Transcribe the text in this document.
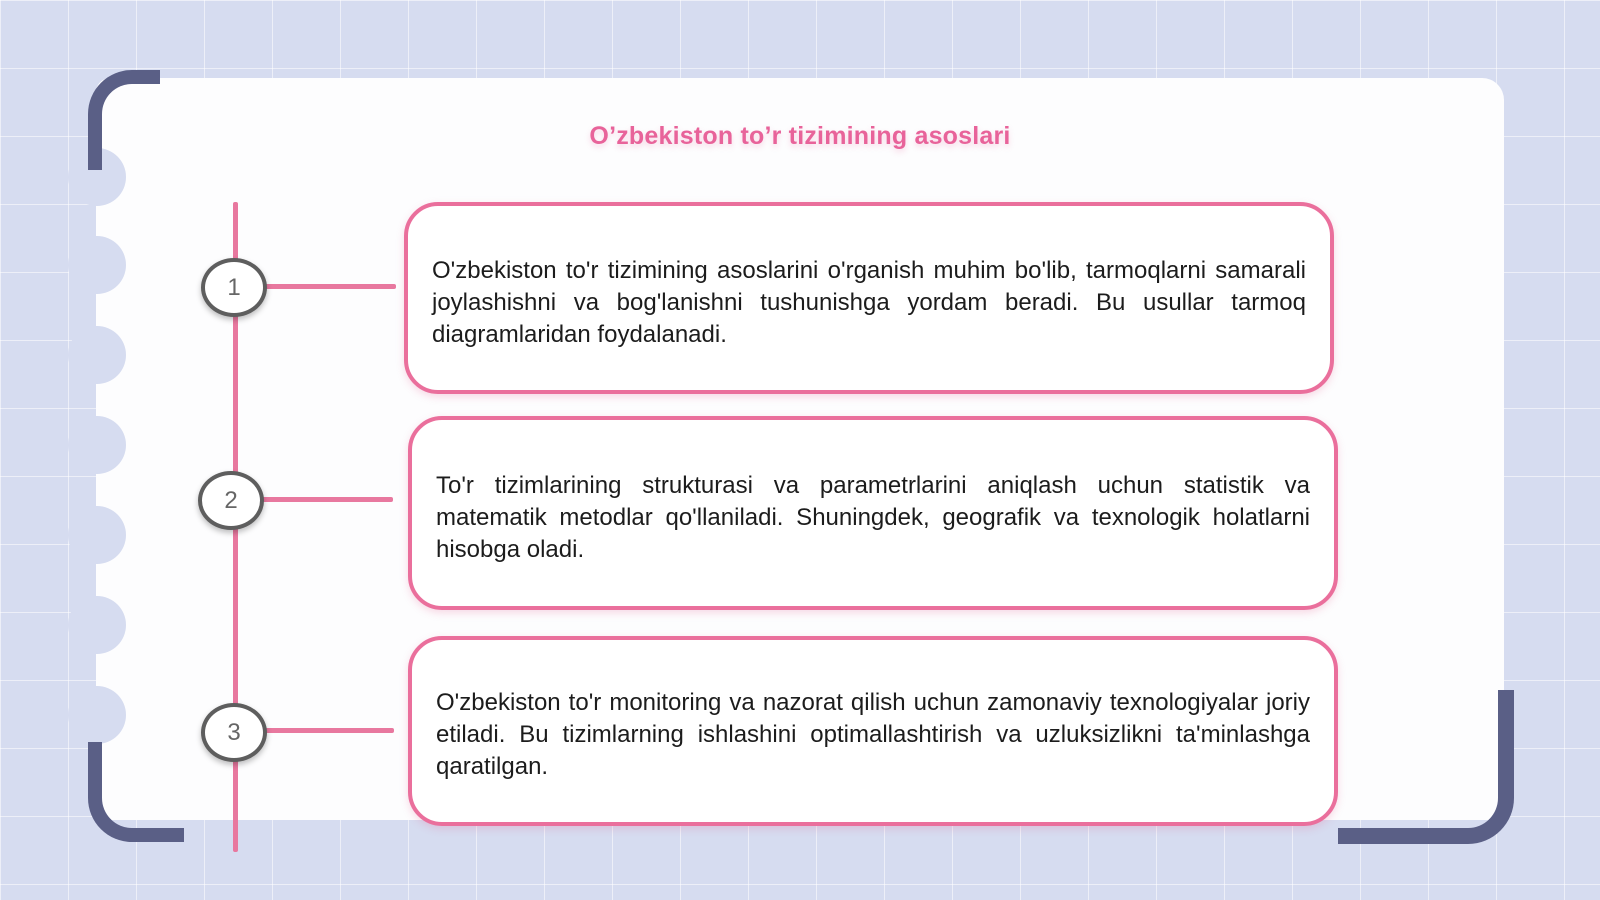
O’zbekiston to’r tizimining asoslari
1
O'zbekiston to'r tizimining asoslarini o'rganish muhim bo'lib, tarmoqlarni samarali joylashishni va bog'lanishni tushunishga yordam beradi. Bu usullar tarmoq diagramlaridan foydalanadi.
2
To'r tizimlarining strukturasi va parametrlarini aniqlash uchun statistik va matematik metodlar qo'llaniladi. Shuningdek, geografik va texnologik holatlarni hisobga oladi.
3
O'zbekiston to'r monitoring va nazorat qilish uchun zamonaviy texnologiyalar joriy etiladi. Bu tizimlarning ishlashini optimallashtirish va uzluksizlikni ta'minlashga qaratilgan.
